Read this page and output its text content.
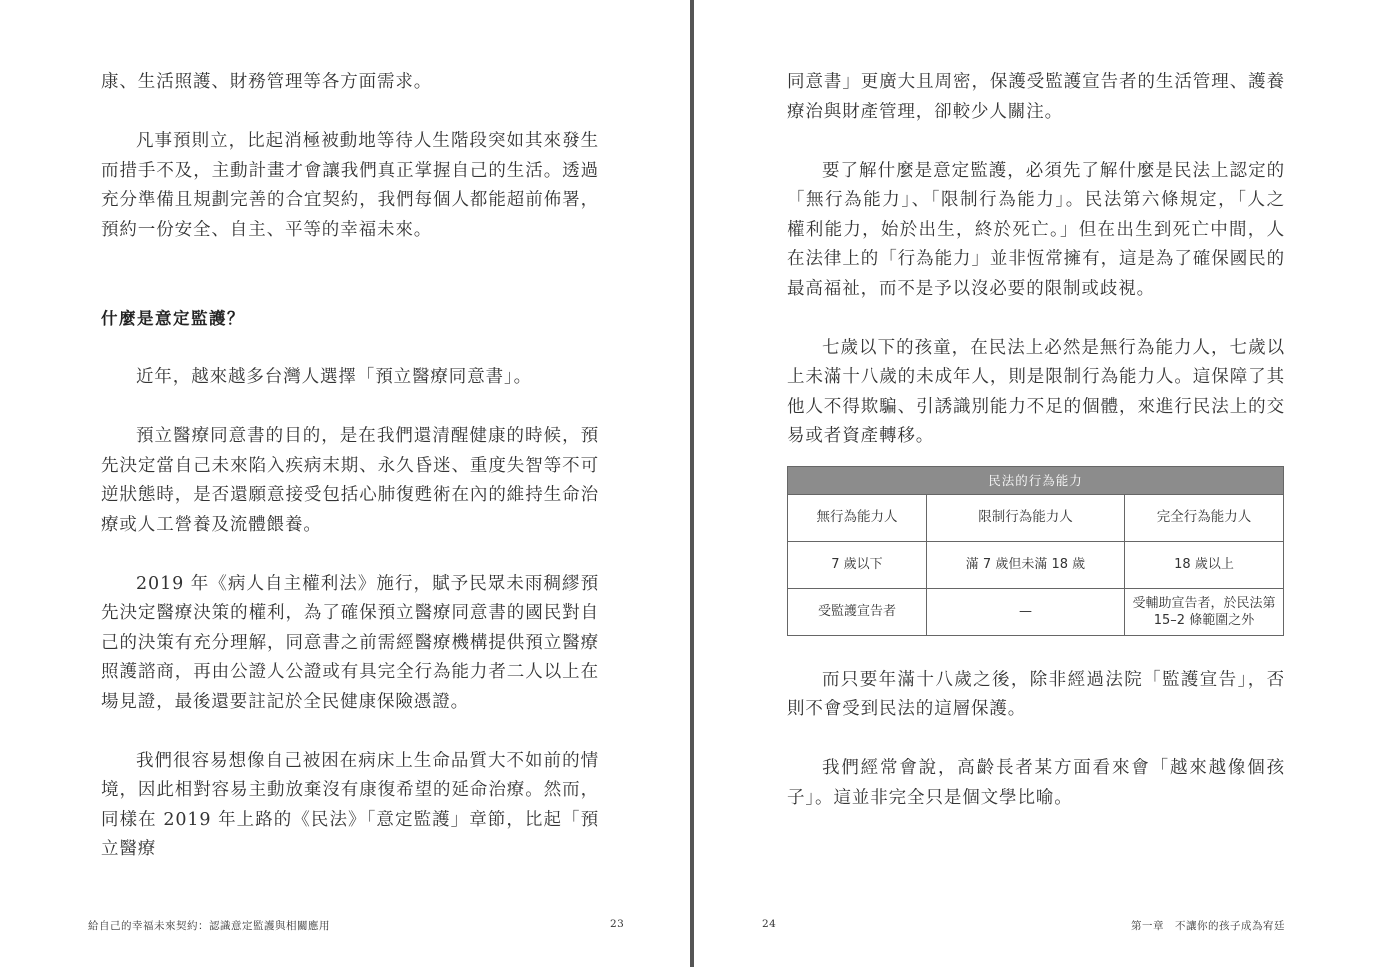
康、生活照護、財務管理等各方面需求。

凡事預則立，比起消極被動地等待人生階段突如其來發生而措手不及，主動計畫才會讓我們真正掌握自己的生活。透過充分準備且規劃完善的合宜契約，我們每個人都能超前佈署，預約一份安全、自主、平等的幸福未來。

什麼是意定監護？

近年，越來越多台灣人選擇「預立醫療同意書」。

預立醫療同意書的目的，是在我們還清醒健康的時候，預先決定當自己未來陷入疾病末期、永久昏迷、重度失智等不可逆狀態時，是否還願意接受包括心肺復甦術在內的維持生命治療或人工營養及流體餵養。

2019 年《病人自主權利法》施行，賦予民眾未雨稠繆預先決定醫療決策的權利，為了確保預立醫療同意書的國民對自己的決策有充分理解，同意書之前需經醫療機構提供預立醫療照護諮商，再由公證人公證或有具完全行為能力者二人以上在場見證，最後還要註記於全民健康保險憑證。

我們很容易想像自己被困在病床上生命品質大不如前的情境，因此相對容易主動放棄沒有康復希望的延命治療。然而，同樣在 2019 年上路的《民法》「意定監護」章節，比起「預立醫療

給自己的幸福未來契約：認識意定監護與相關應用	23

同意書」更廣大且周密，保護受監護宣告者的生活管理、護養療治與財產管理，卻較少人關注。

要了解什麼是意定監護，必須先了解什麼是民法上認定的「無行為能力」、「限制行為能力」。民法第六條規定，「人之權利能力，始於出生，終於死亡。」但在出生到死亡中間，人在法律上的「行為能力」並非恆常擁有，這是為了確保國民的最高福祉，而不是予以沒必要的限制或歧視。

七歲以下的孩童，在民法上必然是無行為能力人，七歲以上未滿十八歲的未成年人，則是限制行為能力人。這保障了其他人不得欺騙、引誘識別能力不足的個體，來進行民法上的交易或者資產轉移。

民法的行為能力		
無行為能力人	限制行為能力人	完全行為能力人
7 歲以下	滿 7 歲但未滿 18 歲	18 歲以上
受監護宣告者	—	受輔助宣告者，於民法第 15–2 條範圍之外

而只要年滿十八歲之後，除非經過法院「監護宣告」，否則不會受到民法的這層保護。

我們經常會說，高齡長者某方面看來會「越來越像個孩子」。這並非完全只是個文學比喻。

24	第一章　不讓你的孩子成為宥廷
